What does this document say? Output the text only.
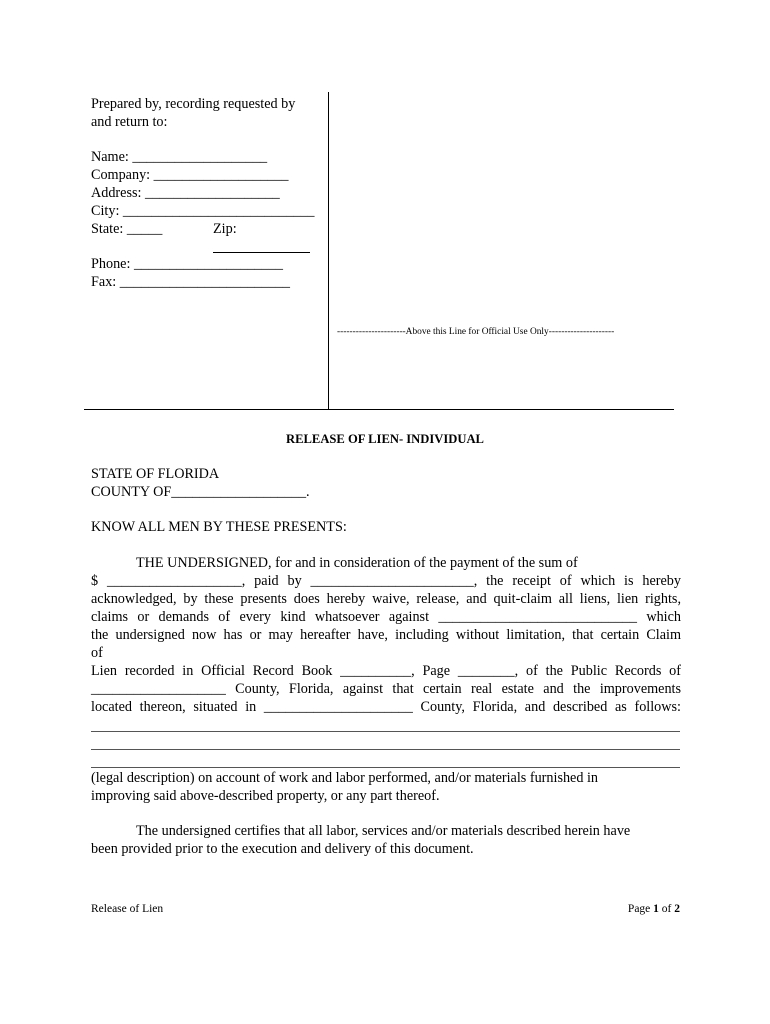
Prepared by, recording requested by
and return to:
Name: ___________________
Company: ___________________
Address: ___________________
City: ___________________________
State: _____	Zip:
Phone: _____________________
Fax: ________________________
----------------------Above this Line for Official Use Only---------------------
RELEASE OF LIEN- INDIVIDUAL
STATE OF FLORIDA
COUNTY OF___________________.
KNOW ALL MEN BY THESE PRESENTS:
THE UNDERSIGNED, for and in consideration of the payment of the sum of
$ ___________________, paid by _______________________, the receipt of which is hereby
acknowledged, by these presents does hereby waive, release, and quit-claim all liens, lien rights,
claims or demands of every kind whatsoever against ____________________________ which
the undersigned now has or may hereafter have, including without limitation, that certain Claim
of
Lien recorded in Official Record Book __________, Page ________, of the Public Records of
___________________ County, Florida, against that certain real estate and the improvements
located thereon, situated in _____________________ County, Florida, and described as follows:
(legal description) on account of work and labor performed, and/or materials furnished in
improving said above-described property, or any part thereof.
The undersigned certifies that all labor, services and/or materials described herein have
been provided prior to the execution and delivery of this document.
Release of Lien	Page 1 of 2
